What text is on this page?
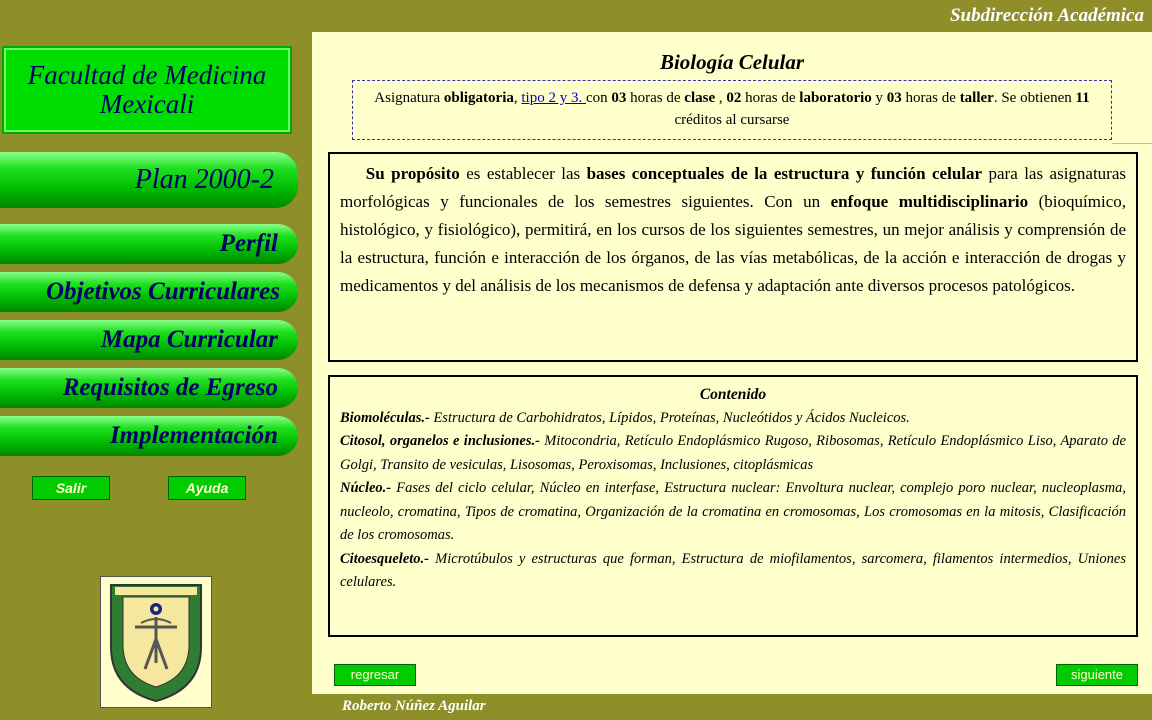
Subdirección Académica
Roberto Núñez Aguilar
Facultad de Medicina
Mexicali
Plan 2000-2
Perfil
Objetivos Curriculares
Mapa Curricular
Requisitos de Egreso
Implementación
Salir	Ayuda
Biología Celular
Asignatura obligatoria, tipo 2 y 3. con 03 horas de clase , 02 horas de laboratorio y 03 horas de taller. Se obtienen 11 créditos al cursarse
Su propósito es establecer las bases conceptuales de la estructura y función celular para las asignaturas morfológicas y funcionales de los semestres siguientes. Con un enfoque multidisciplinario (bioquímico, histológico, y fisiológico), permitirá, en los cursos de los siguientes semestres, un mejor análisis y comprensión de la estructura, función e interacción de los órganos, de las vías metabólicas, de la acción e interacción de drogas y medicamentos y del análisis de los mecanismos de defensa y adaptación ante diversos procesos patológicos.
Contenido
Biomoléculas.- Estructura de Carbohidratos, Lípidos, Proteínas, Nucleótidos y Ácidos Nucleicos.
Citosol, organelos e inclusiones.- Mitocondria, Retículo Endoplásmico Rugoso, Ribosomas, Retículo Endoplásmico Liso, Aparato de Golgi, Transito de vesiculas, Lisosomas, Peroxisomas, Inclusiones, citoplásmicas
Núcleo.- Fases del ciclo celular, Núcleo en interfase, Estructura nuclear: Envoltura nuclear, complejo poro nuclear, nucleoplasma, nucleolo, cromatina, Tipos de cromatina, Organización de la cromatina en cromosomas, Los cromosomas en la mitosis, Clasificación de los cromosomas.
Citoesqueleto.- Microtúbulos y estructuras que forman, Estructura de miofilamentos, sarcomera, filamentos intermedios, Uniones celulares.
regresar	siguiente
